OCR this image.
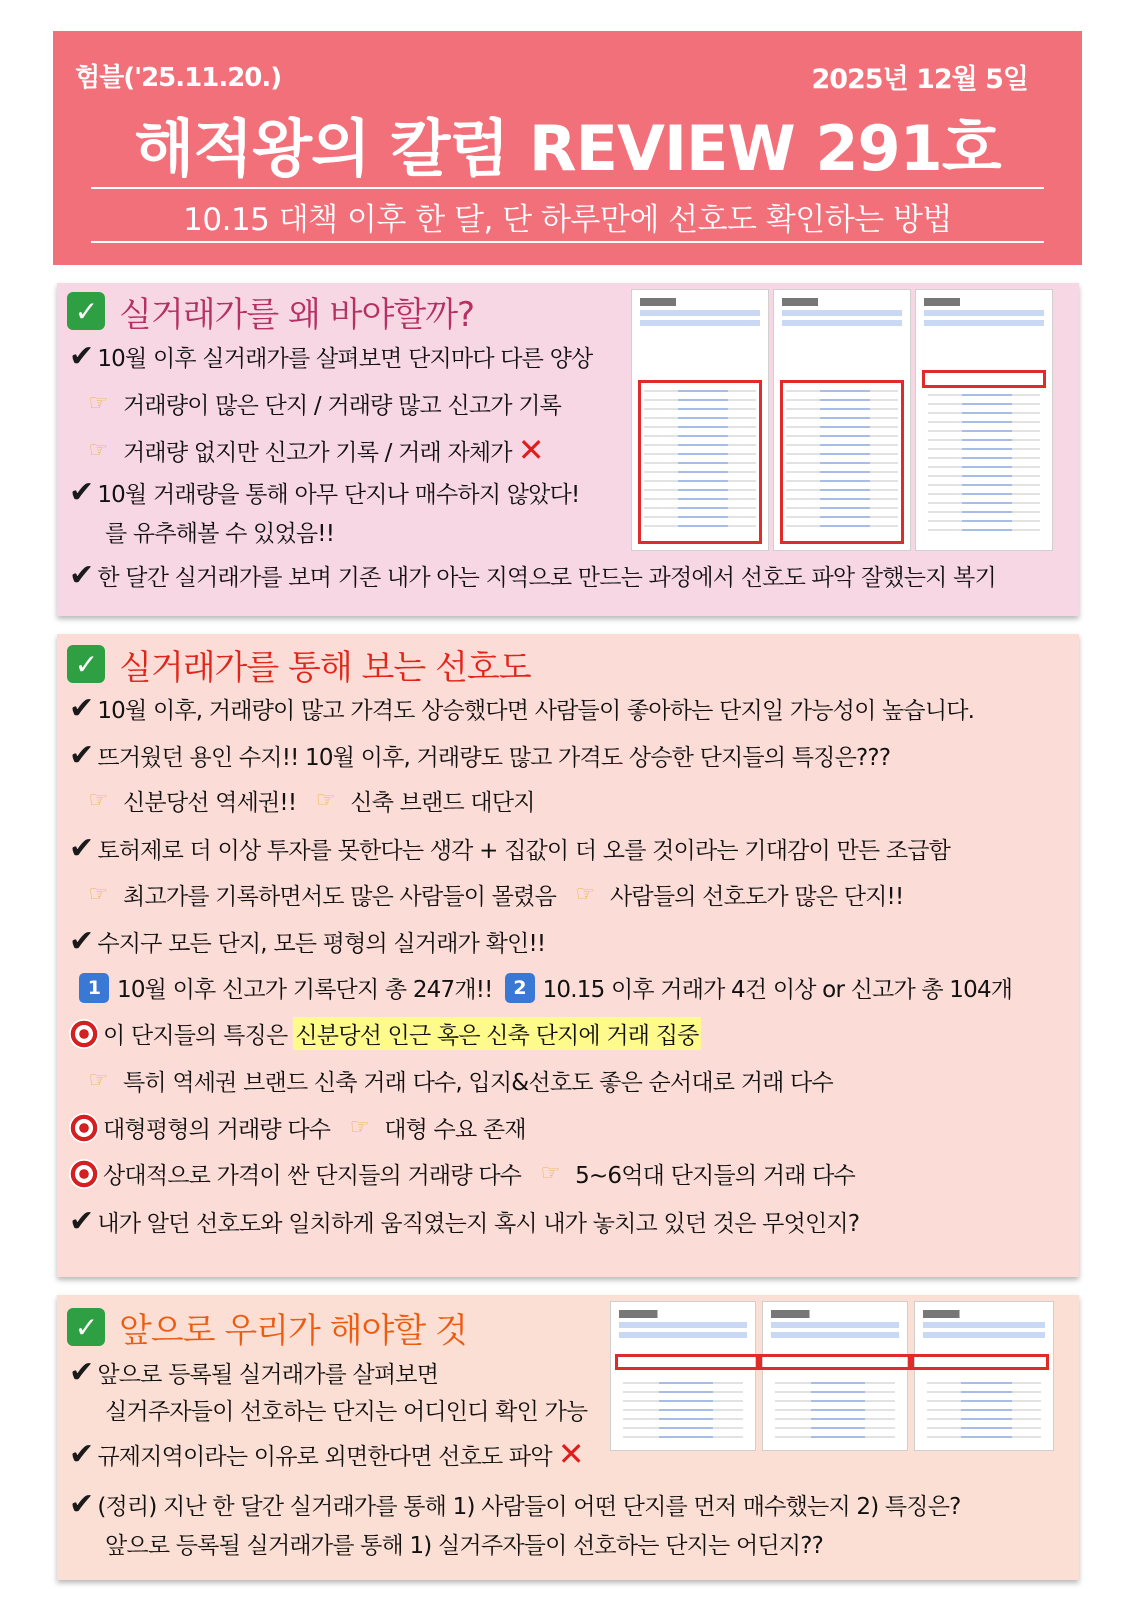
험블('25.11.20.)	2025년 12월 5일
해적왕의 칼럼 REVIEW 291호
10.15 대책 이후 한 달, 단 하루만에 선호도 확인하는 방법
✓ 실거래가를 왜 바야할까?
✔ 10월 이후 실거래가를 살펴보면 단지마다 다른 양상
☞ 거래량이 많은 단지 / 거래량 많고 신고가 기록
☞ 거래량 없지만 신고가 기록 / 거래 자체가 ✕
✔ 10월 거래량을 통해 아무 단지나 매수하지 않았다!
를 유추해볼 수 있었음!!
✔ 한 달간 실거래가를 보며 기존 내가 아는 지역으로 만드는 과정에서 선호도 파악 잘했는지 복기
✓ 실거래가를 통해 보는 선호도
✔ 10월 이후, 거래량이 많고 가격도 상승했다면 사람들이 좋아하는 단지일 가능성이 높습니다.
✔ 뜨거웠던 용인 수지!! 10월 이후, 거래량도 많고 가격도 상승한 단지들의 특징은???
☞ 신분당선 역세권!! ☞ 신축 브랜드 대단지
✔ 토허제로 더 이상 투자를 못한다는 생각 + 집값이 더 오를 것이라는 기대감이 만든 조급함
☞ 최고가를 기록하면서도 많은 사람들이 몰렸음 ☞ 사람들의 선호도가 많은 단지!!
✔ 수지구 모든 단지, 모든 평형의 실거래가 확인!!
1 10월 이후 신고가 기록단지 총 247개!!	2 10.15 이후 거래가 4건 이상 or 신고가 총 104개
이 단지들의 특징은 신분당선 인근 혹은 신축 단지에 거래 집중
☞ 특히 역세권 브랜드 신축 거래 다수, 입지&선호도 좋은 순서대로 거래 다수
대형평형의 거래량 다수 ☞ 대형 수요 존재
상대적으로 가격이 싼 단지들의 거래량 다수 ☞ 5~6억대 단지들의 거래 다수
✔ 내가 알던 선호도와 일치하게 움직였는지 혹시 내가 놓치고 있던 것은 무엇인지?
✓ 앞으로 우리가 해야할 것
✔ 앞으로 등록될 실거래가를 살펴보면
실거주자들이 선호하는 단지는 어디인디 확인 가능
✔ 규제지역이라는 이유로 외면한다면 선호도 파악 ✕
✔ (정리) 지난 한 달간 실거래가를 통해 1) 사람들이 어떤 단지를 먼저 매수했는지 2) 특징은?
앞으로 등록될 실거래가를 통해 1) 실거주자들이 선호하는 단지는 어딘지??
